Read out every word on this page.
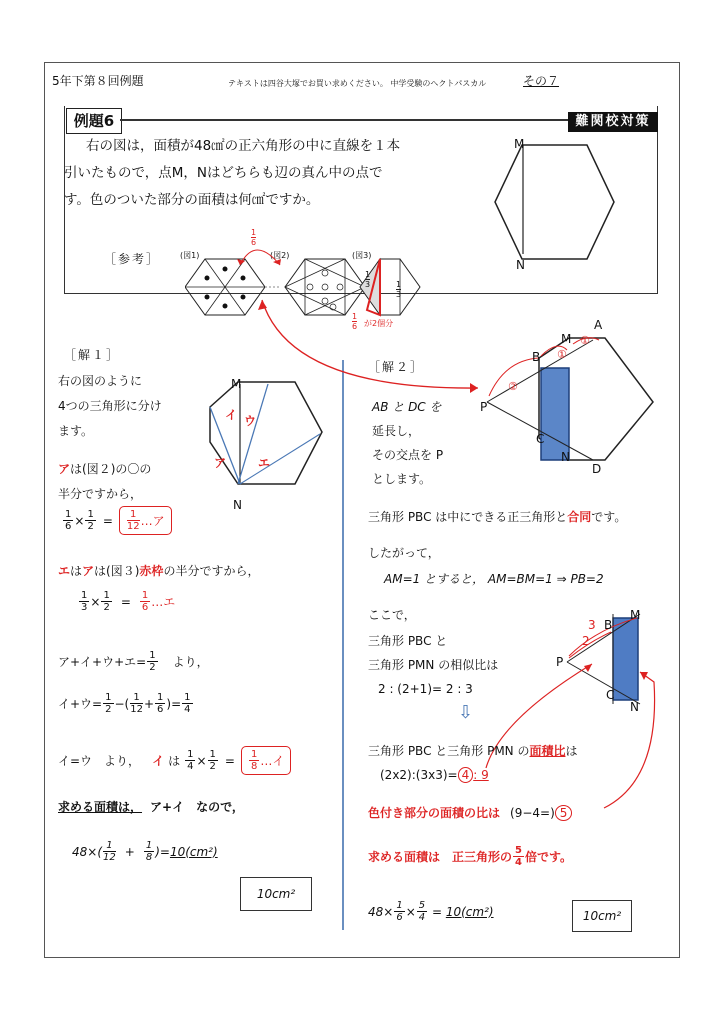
5年下第８回例題	テキストは四谷大塚でお買い求めください。 中学受験のヘクトパスカル	その７
例題6	難関校対策
右の図は，面積が48㎠の正六角形の中に直線を１本
引いたもので，点M，Nはどちらも辺の真ん中の点で
す。色のついた部分の面積は何㎠ですか。
M
N
［参考］ (図1)	(図2)	(図3)
1
6
1
3	1
3
1
6 が2個分
［解１］
右の図のように
4つの三角形に分け
ます。
M
N
イ ウ
ア	エ
アは(図２)の〇の
半分ですから，
$\frac{1}{6} \times \frac{1}{2} = \frac{1}{12}$ …ア
エはアは(図３)赤枠の半分ですから，
$\frac{1}{3} \times \frac{1}{2} = \frac{1}{6}$ …エ
ア+イ+ウ+エ= $\frac{1}{2}$ より，
イ+ウ= $\frac{1}{2}$ −( $\frac{1}{12} + \frac{1}{6}$ )= $\frac{1}{4}$
イ=ウ　より， イ は $\frac{1}{4} \times \frac{1}{2} = \frac{1}{8}$ …イ
求める面積は， ア+イ　なので，
$48\times( \frac{1}{12} + \frac{1}{8}$ )= 10(cm²)
10cm²
［解２］
AB と DC を
延長し，
その交点を P
とします。
A
B
M
P
C
N
D
②
①
①
三角形 PBC は中にできる正三角形と合同です。
したがって，
AM=1 とすると， AM=BM=1 ⇒ PB=2
ここで，
三角形 PBC と
三角形 PMN の相似比は
2 : (2+1)= 2 : 3
⇩
M
B
P
C
N
3
2
三角形 PBC と三角形 PMN の面積比は
(2x2):(3x3)= 4 : 9
色付き部分の面積の比は (9−4=) 5
求める面積は　正三角形の $\frac{5}{4}$ 倍です。
$48\times \frac{1}{6} \times \frac{5}{4} = 10(cm^2)$	10cm²
